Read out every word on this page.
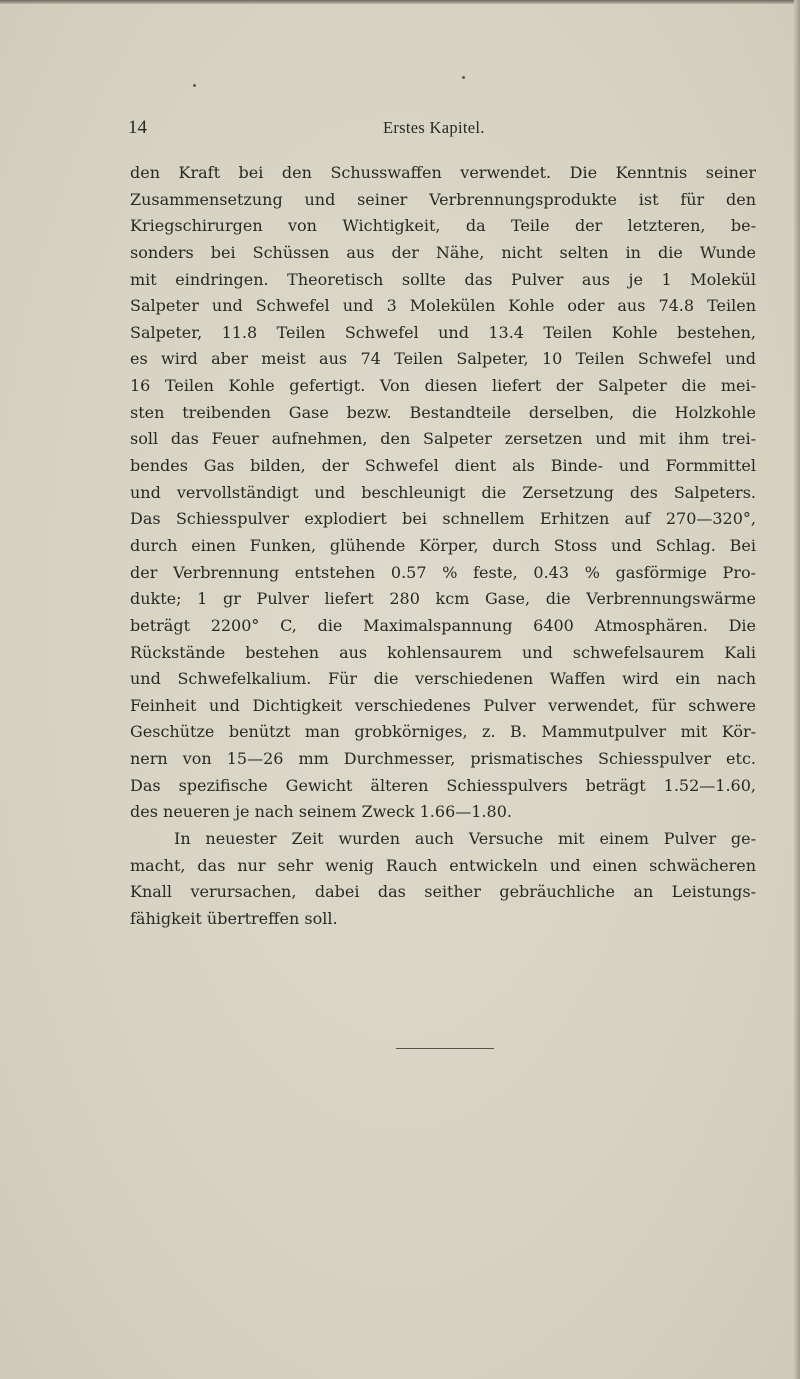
14	Erstes Kapitel.
den Kraft bei den Schusswaffen verwendet. Die Kenntnis seiner
Zusammensetzung und seiner Verbrennungsprodukte ist für den
Kriegschirurgen von Wichtigkeit, da Teile der letzteren, be-
sonders bei Schüssen aus der Nähe, nicht selten in die Wunde
mit eindringen. Theoretisch sollte das Pulver aus je 1 Molekül
Salpeter und Schwefel und 3 Molekülen Kohle oder aus 74.8 Teilen
Salpeter, 11.8 Teilen Schwefel und 13.4 Teilen Kohle bestehen,
es wird aber meist aus 74 Teilen Salpeter, 10 Teilen Schwefel und
16 Teilen Kohle gefertigt. Von diesen liefert der Salpeter die mei-
sten treibenden Gase bezw. Bestandteile derselben, die Holzkohle
soll das Feuer aufnehmen, den Salpeter zersetzen und mit ihm trei-
bendes Gas bilden, der Schwefel dient als Binde- und Formmittel
und vervollständigt und beschleunigt die Zersetzung des Salpeters.
Das Schiesspulver explodiert bei schnellem Erhitzen auf 270—320°,
durch einen Funken, glühende Körper, durch Stoss und Schlag. Bei
der Verbrennung entstehen 0.57 % feste, 0.43 % gasförmige Pro-
dukte; 1 gr Pulver liefert 280 kcm Gase, die Verbrennungswärme
beträgt 2200° C, die Maximalspannung 6400 Atmosphären. Die
Rückstände bestehen aus kohlensaurem und schwefelsaurem Kali
und Schwefelkalium. Für die verschiedenen Waffen wird ein nach
Feinheit und Dichtigkeit verschiedenes Pulver verwendet, für schwere
Geschütze benützt man grobkörniges, z. B. Mammutpulver mit Kör-
nern von 15—26 mm Durchmesser, prismatisches Schiesspulver etc.
Das spezifische Gewicht älteren Schiesspulvers beträgt 1.52—1.60,
des neueren je nach seinem Zweck 1.66—1.80.
In neuester Zeit wurden auch Versuche mit einem Pulver ge-
macht, das nur sehr wenig Rauch entwickeln und einen schwächeren
Knall verursachen, dabei das seither gebräuchliche an Leistungs-
fähigkeit übertreffen soll.
